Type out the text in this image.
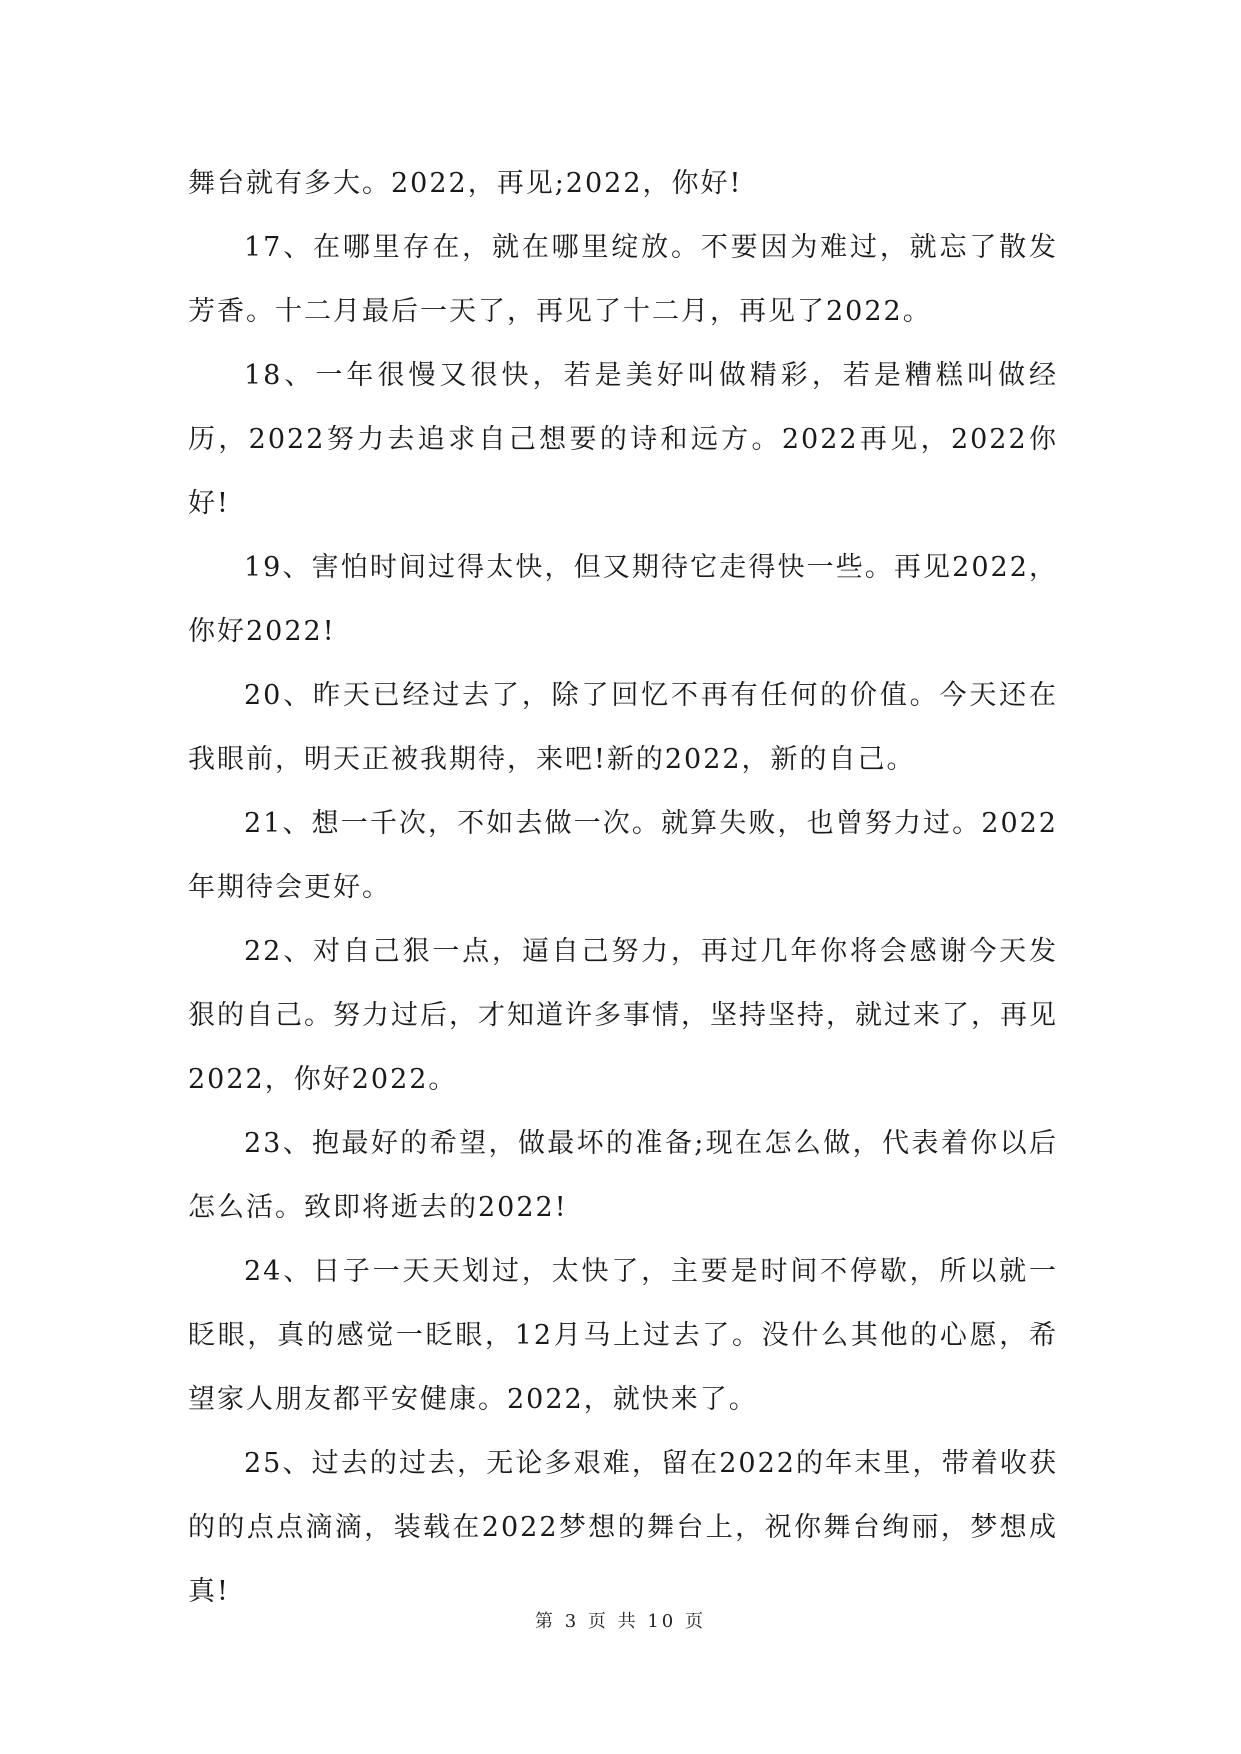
舞台就有多大。2022，再见;2022，你好!

17、在哪里存在，就在哪里绽放。不要因为难过，就忘了散发芳香。十二月最后一天了，再见了十二月，再见了2022。

18、一年很慢又很快，若是美好叫做精彩，若是糟糕叫做经历，2022努力去追求自己想要的诗和远方。2022再见，2022你好!

19、害怕时间过得太快，但又期待它走得快一些。再见2022，你好2022!

20、昨天已经过去了，除了回忆不再有任何的价值。今天还在我眼前，明天正被我期待，来吧!新的2022，新的自己。

21、想一千次，不如去做一次。就算失败，也曾努力过。2022年期待会更好。

22、对自己狠一点，逼自己努力，再过几年你将会感谢今天发狠的自己。努力过后，才知道许多事情，坚持坚持，就过来了，再见2022，你好2022。

23、抱最好的希望，做最坏的准备;现在怎么做，代表着你以后怎么活。致即将逝去的2022!

24、日子一天天划过，太快了，主要是时间不停歇，所以就一眨眼，真的感觉一眨眼，12月马上过去了。没什么其他的心愿，希望家人朋友都平安健康。2022，就快来了。

25、过去的过去，无论多艰难，留在2022的年末里，带着收获的的点点滴滴，装载在2022梦想的舞台上，祝你舞台绚丽，梦想成真!

第 3 页 共 10 页
